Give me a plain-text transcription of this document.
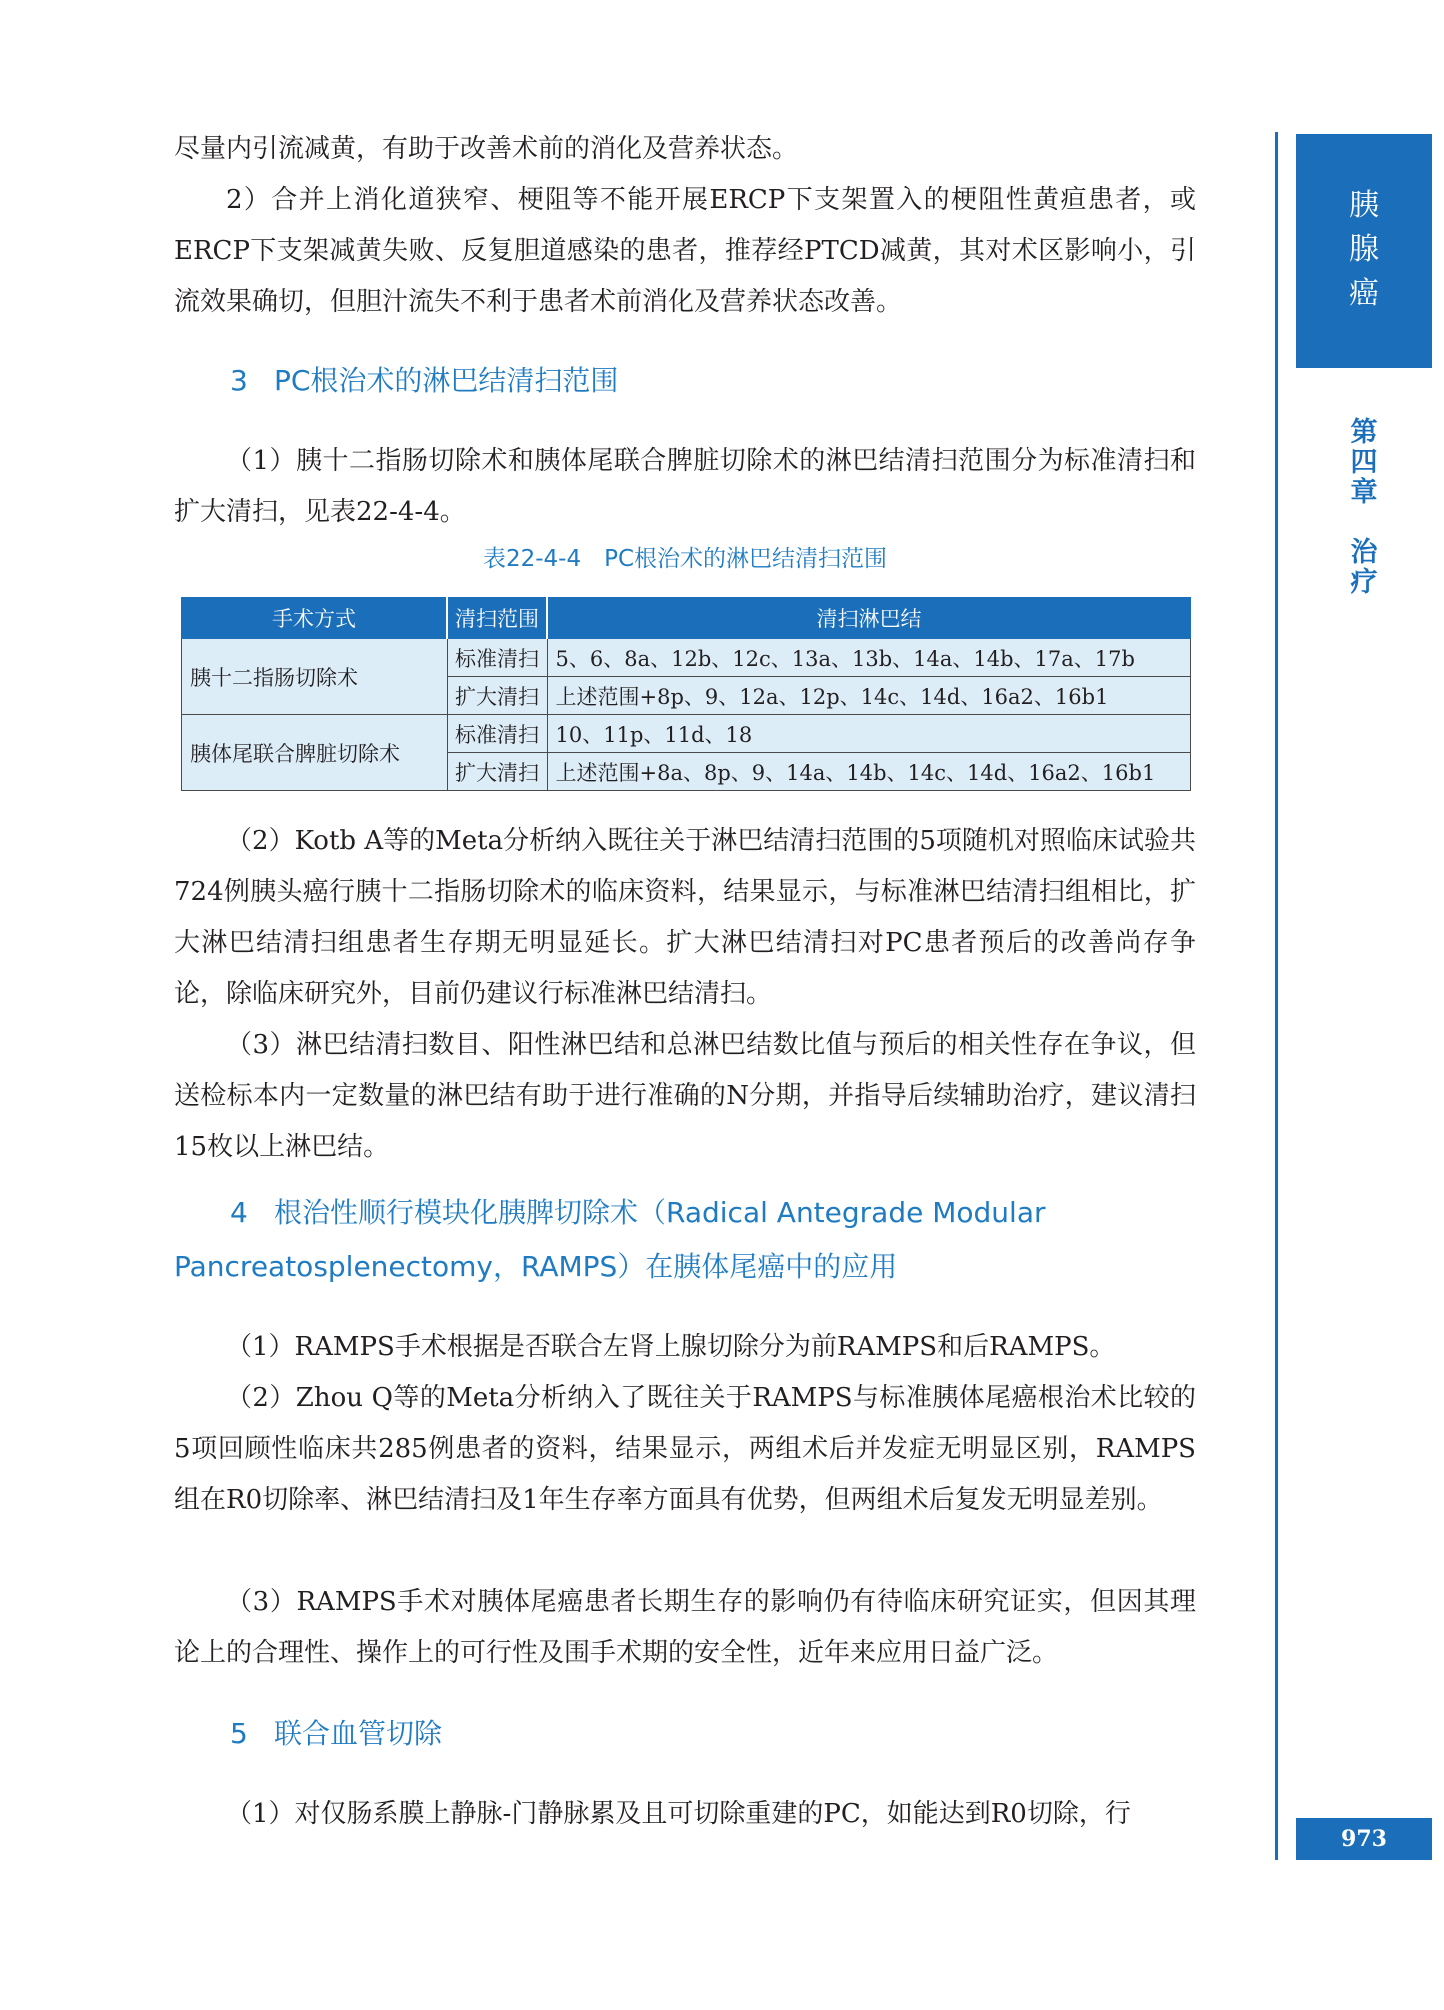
尽量内引流减黄，有助于改善术前的消化及营养状态。

2）合并上消化道狭窄、梗阻等不能开展ERCP下支架置入的梗阻性黄疸患者，或ERCP下支架减黄失败、反复胆道感染的患者，推荐经PTCD减黄，其对术区影响小，引流效果确切，但胆汁流失不利于患者术前消化及营养状态改善。

3 PC根治术的淋巴结清扫范围

（1）胰十二指肠切除术和胰体尾联合脾脏切除术的淋巴结清扫范围分为标准清扫和扩大清扫，见表22-4-4。

表22-4-4　PC根治术的淋巴结清扫范围

（2）Kotb A等的Meta分析纳入既往关于淋巴结清扫范围的5项随机对照临床试验共724例胰头癌行胰十二指肠切除术的临床资料，结果显示，与标准淋巴结清扫组相比，扩大淋巴结清扫组患者生存期无明显延长。扩大淋巴结清扫对PC患者预后的改善尚存争论，除临床研究外，目前仍建议行标准淋巴结清扫。

（3）淋巴结清扫数目、阳性淋巴结和总淋巴结数比值与预后的相关性存在争议，但送检标本内一定数量的淋巴结有助于进行准确的N分期，并指导后续辅助治疗，建议清扫15枚以上淋巴结。

4 根治性顺行模块化胰脾切除术（Radical Antegrade Modular Pancreatosplenectomy，RAMPS）在胰体尾癌中的应用

（1）RAMPS手术根据是否联合左肾上腺切除分为前RAMPS和后RAMPS。

（2）Zhou Q等的Meta分析纳入了既往关于RAMPS与标准胰体尾癌根治术比较的5项回顾性临床共285例患者的资料，结果显示，两组术后并发症无明显区别，RAMPS组在R0切除率、淋巴结清扫及1年生存率方面具有优势，但两组术后复发无明显差别。

（3）RAMPS手术对胰体尾癌患者长期生存的影响仍有待临床研究证实，但因其理论上的合理性、操作上的可行性及围手术期的安全性，近年来应用日益广泛。

5 联合血管切除

（1）对仅肠系膜上静脉-门静脉累及且可切除重建的PC，如能达到R0切除，行

手术方式	清扫范围	清扫淋巴结
胰十二指肠切除术	标准清扫	5、6、8a、12b、12c、13a、13b、14a、14b、17a、17b
	扩大清扫	上述范围+8p、9、12a、12p、14c、14d、16a2、16b1
胰体尾联合脾脏切除术	标准清扫	10、11p、11d、18
	扩大清扫	上述范围+8a、8p、9、14a、14b、14c、14d、16a2、16b1
胰
腺
癌
第
四
章
治
疗
973
